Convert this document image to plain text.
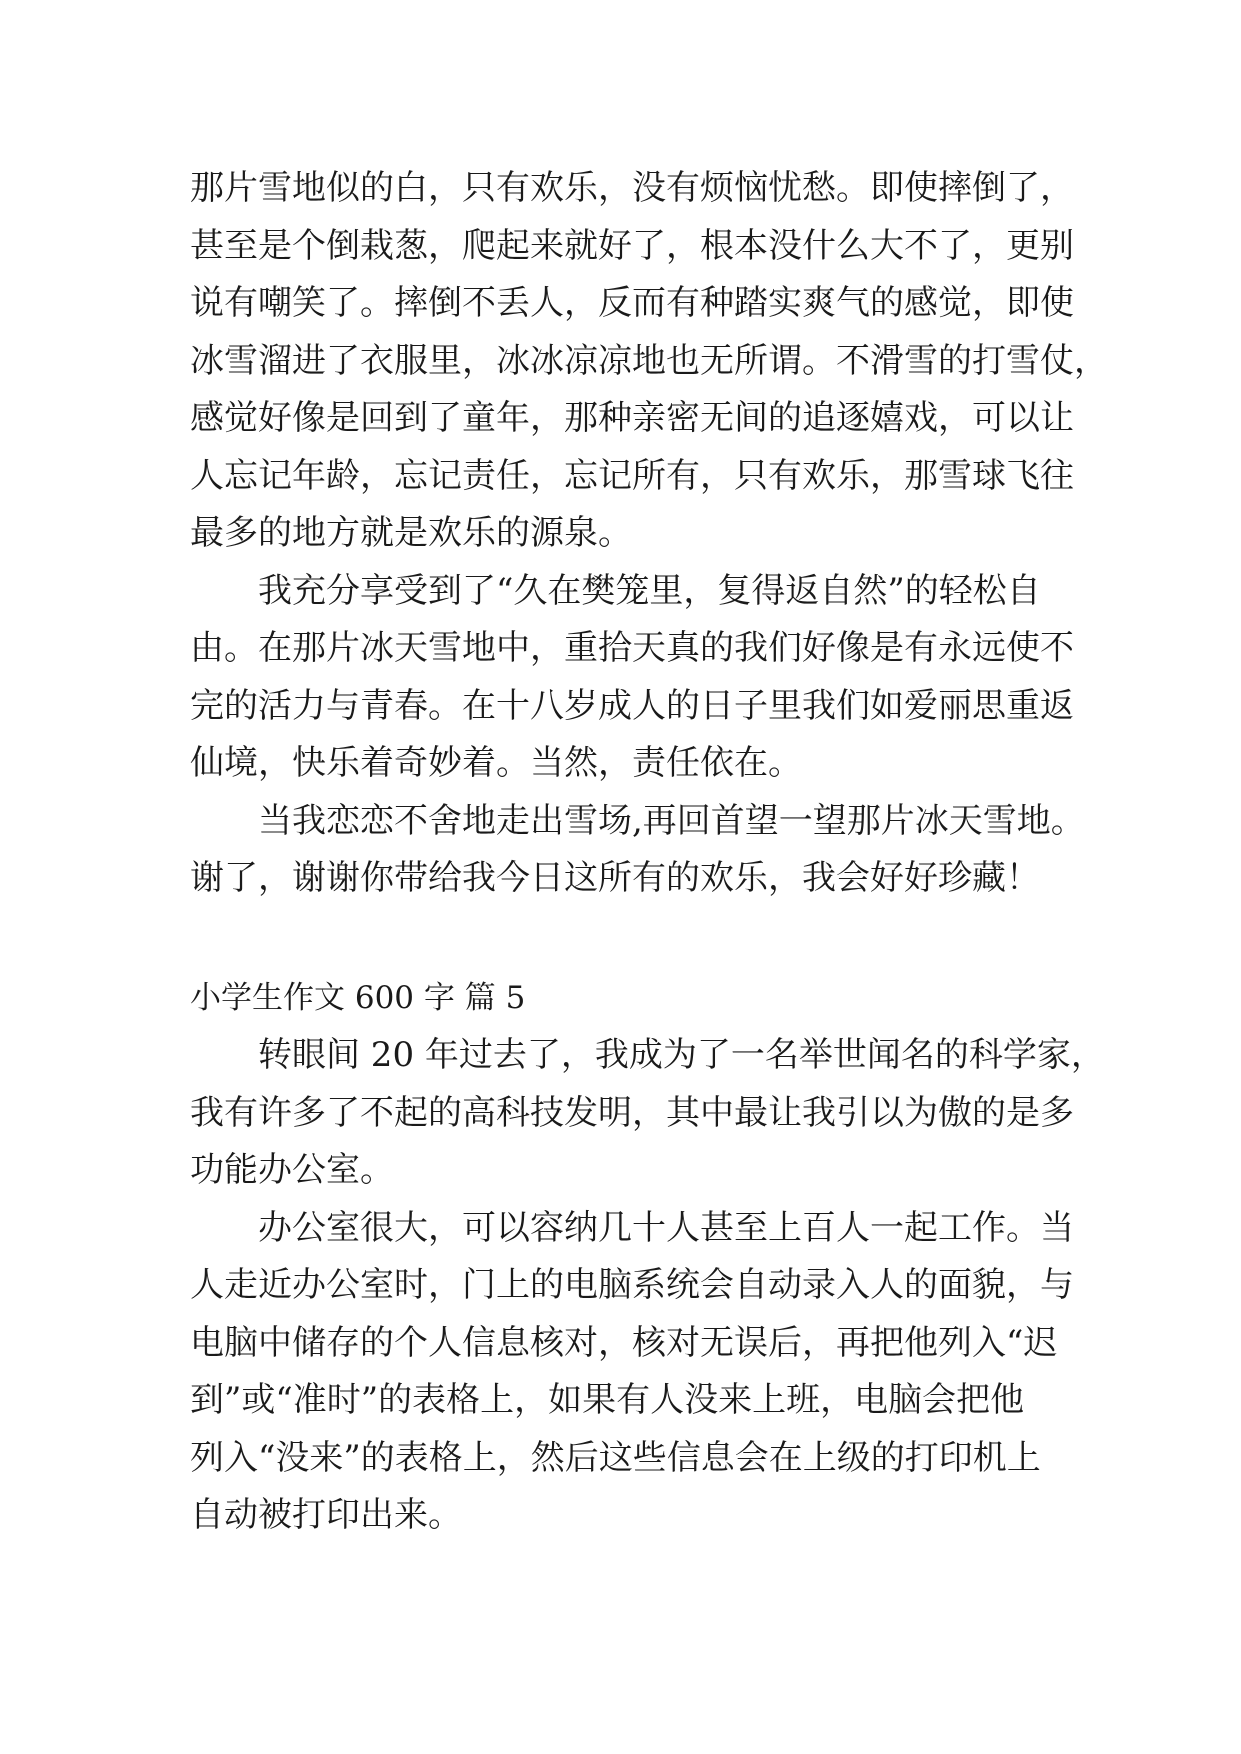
那片雪地似的白，只有欢乐，没有烦恼忧愁。即使摔倒了，
甚至是个倒栽葱，爬起来就好了，根本没什么大不了，更别
说有嘲笑了。摔倒不丢人，反而有种踏实爽气的感觉，即使
冰雪溜进了衣服里，冰冰凉凉地也无所谓。不滑雪的打雪仗，
感觉好像是回到了童年，那种亲密无间的追逐嬉戏，可以让
人忘记年龄，忘记责任，忘记所有，只有欢乐，那雪球飞往
最多的地方就是欢乐的源泉。
我充分享受到了“久在樊笼里，复得返自然”的轻松自
由。在那片冰天雪地中，重拾天真的我们好像是有永远使不
完的活力与青春。在十八岁成人的日子里我们如爱丽思重返
仙境，快乐着奇妙着。当然，责任依在。
当我恋恋不舍地走出雪场,再回首望一望那片冰天雪地。
谢了，谢谢你带给我今日这所有的欢乐，我会好好珍藏！
小学生作文 600 字 篇 5
转眼间 20 年过去了，我成为了一名举世闻名的科学家，
我有许多了不起的高科技发明，其中最让我引以为傲的是多
功能办公室。
办公室很大，可以容纳几十人甚至上百人一起工作。当
人走近办公室时，门上的电脑系统会自动录入人的面貌，与
电脑中储存的个人信息核对，核对无误后，再把他列入“迟
到”或“准时”的表格上，如果有人没来上班，电脑会把他
列入“没来”的表格上，然后这些信息会在上级的打印机上
自动被打印出来。
